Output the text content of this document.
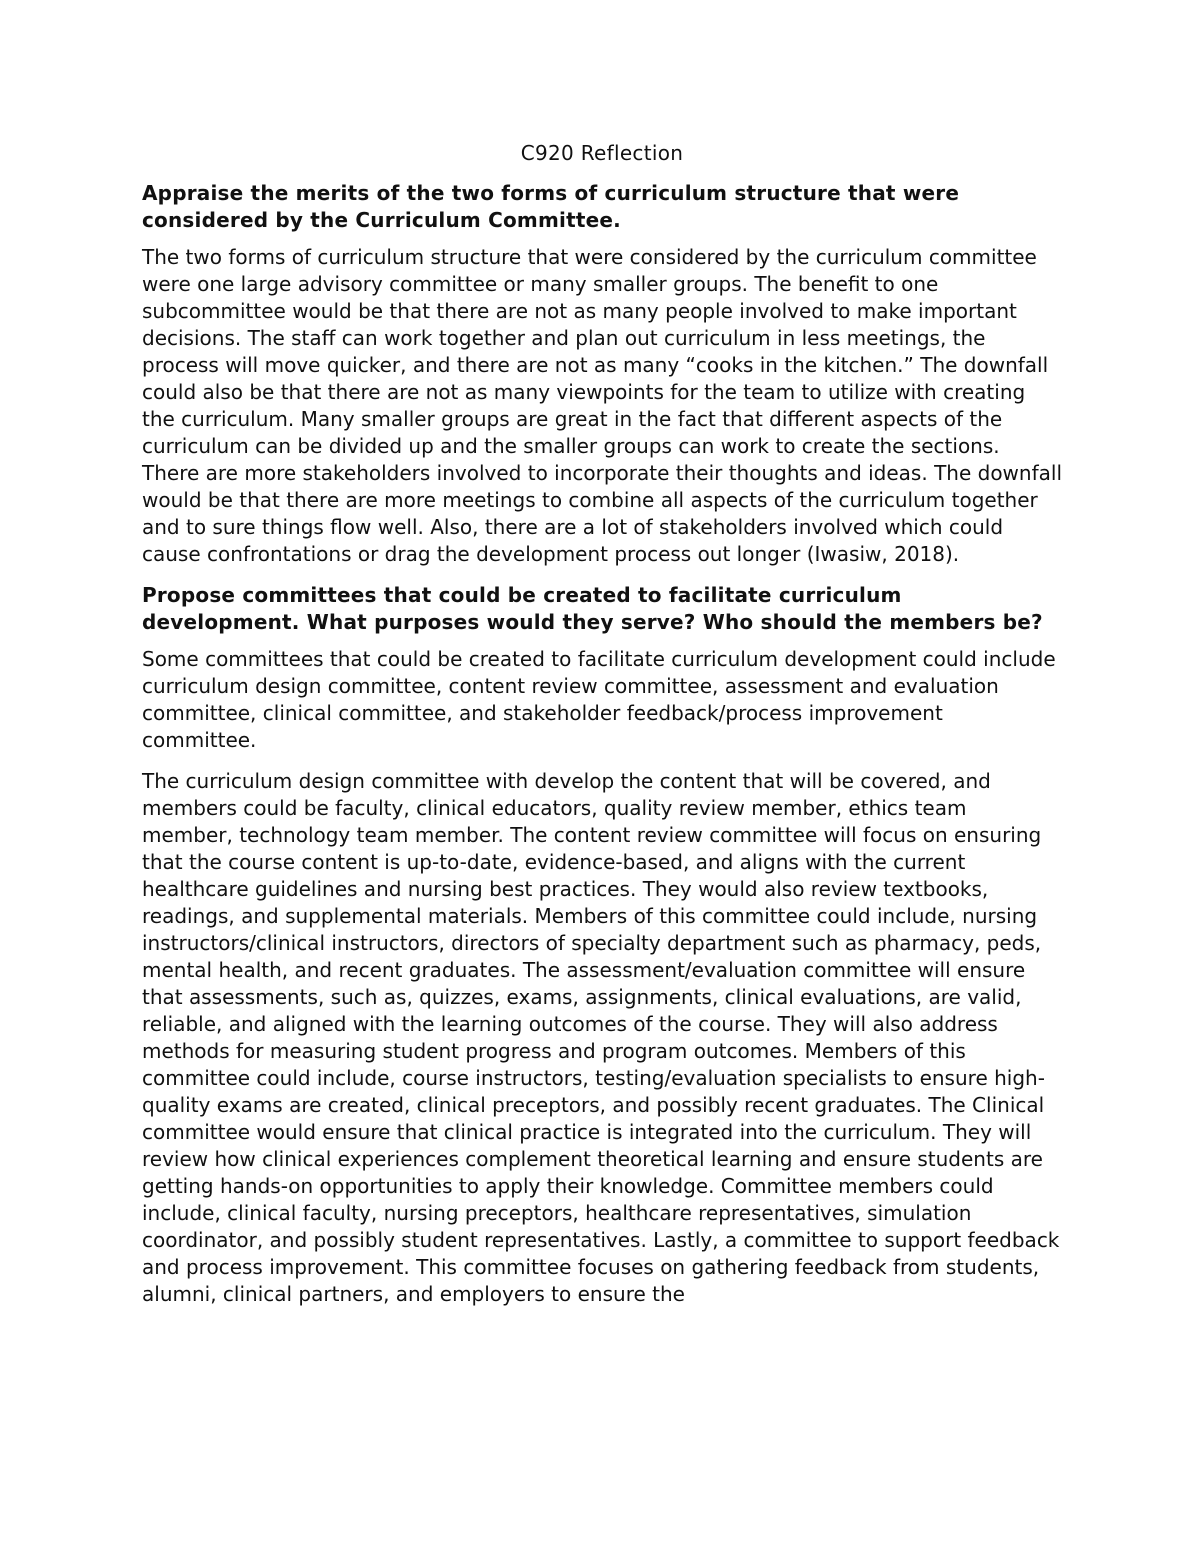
C920 Reflection

Appraise the merits of the two forms of curriculum structure that were considered by the Curriculum Committee.

The two forms of curriculum structure that were considered by the curriculum committee were one large advisory committee or many smaller groups. The benefit to one subcommittee would be that there are not as many people involved to make important decisions. The staff can work together and plan out curriculum in less meetings, the process will move quicker, and there are not as many “cooks in the kitchen.” The downfall could also be that there are not as many viewpoints for the team to utilize with creating the curriculum. Many smaller groups are great in the fact that different aspects of the curriculum can be divided up and the smaller groups can work to create the sections. There are more stakeholders involved to incorporate their thoughts and ideas. The downfall would be that there are more meetings to combine all aspects of the curriculum together and to sure things flow well. Also, there are a lot of stakeholders involved which could cause confrontations or drag the development process out longer (Iwasiw, 2018).

Propose committees that could be created to facilitate curriculum development. What purposes would they serve? Who should the members be?

Some committees that could be created to facilitate curriculum development could include curriculum design committee, content review committee, assessment and evaluation committee, clinical committee, and stakeholder feedback/process improvement committee.

The curriculum design committee with develop the content that will be covered, and members could be faculty, clinical educators, quality review member, ethics team member, technology team member. The content review committee will focus on ensuring that the course content is up-to-date, evidence-based, and aligns with the current healthcare guidelines and nursing best practices. They would also review textbooks, readings, and supplemental materials. Members of this committee could include, nursing instructors/clinical instructors, directors of specialty department such as pharmacy, peds, mental health, and recent graduates. The assessment/evaluation committee will ensure that assessments, such as, quizzes, exams, assignments, clinical evaluations, are valid, reliable, and aligned with the learning outcomes of the course. They will also address methods for measuring student progress and program outcomes. Members of this committee could include, course instructors, testing/evaluation specialists to ensure high-quality exams are created, clinical preceptors, and possibly recent graduates. The Clinical committee would ensure that clinical practice is integrated into the curriculum. They will review how clinical experiences complement theoretical learning and ensure students are getting hands-on opportunities to apply their knowledge. Committee members could include, clinical faculty, nursing preceptors, healthcare representatives, simulation coordinator, and possibly student representatives. Lastly, a committee to support feedback and process improvement. This committee focuses on gathering feedback from students, alumni, clinical partners, and employers to ensure the
